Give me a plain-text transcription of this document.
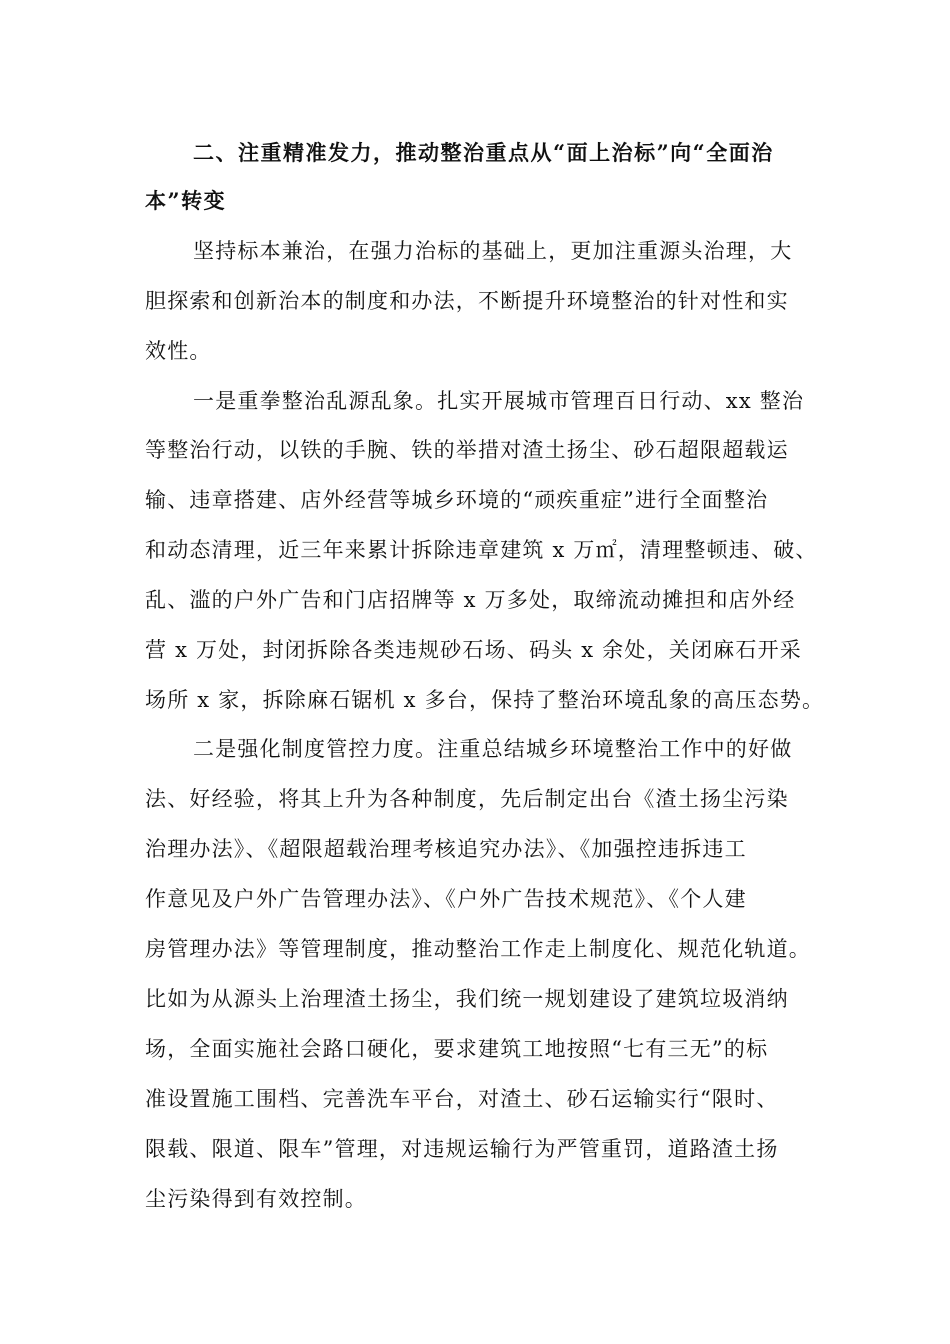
二、注重精准发力，推动整治重点从“面上治标”向“全面治
本”转变
坚持标本兼治，在强力治标的基础上，更加注重源头治理，大
胆探索和创新治本的制度和办法，不断提升环境整治的针对性和实
效性。
一是重拳整治乱源乱象。扎实开展城市管理百日行动、xx 整治
等整治行动，以铁的手腕、铁的举措对渣土扬尘、砂石超限超载运
输、违章搭建、店外经营等城乡环境的“顽疾重症”进行全面整治
和动态清理，近三年来累计拆除违章建筑 x 万㎡，清理整顿违、破、
乱、滥的户外广告和门店招牌等 x 万多处，取缔流动摊担和店外经
营 x 万处，封闭拆除各类违规砂石场、码头 x 余处，关闭麻石开采
场所 x 家，拆除麻石锯机 x 多台，保持了整治环境乱象的高压态势。
二是强化制度管控力度。注重总结城乡环境整治工作中的好做
法、好经验，将其上升为各种制度，先后制定出台《渣土扬尘污染
治理办法》、《超限超载治理考核追究办法》、《加强控违拆违工
作意见及户外广告管理办法》、《户外广告技术规范》、《个人建
房管理办法》等管理制度，推动整治工作走上制度化、规范化轨道。
比如为从源头上治理渣土扬尘，我们统一规划建设了建筑垃圾消纳
场，全面实施社会路口硬化，要求建筑工地按照“七有三无”的标
准设置施工围档、完善洗车平台，对渣土、砂石运输实行“限时、
限载、限道、限车”管理，对违规运输行为严管重罚，道路渣土扬
尘污染得到有效控制。
